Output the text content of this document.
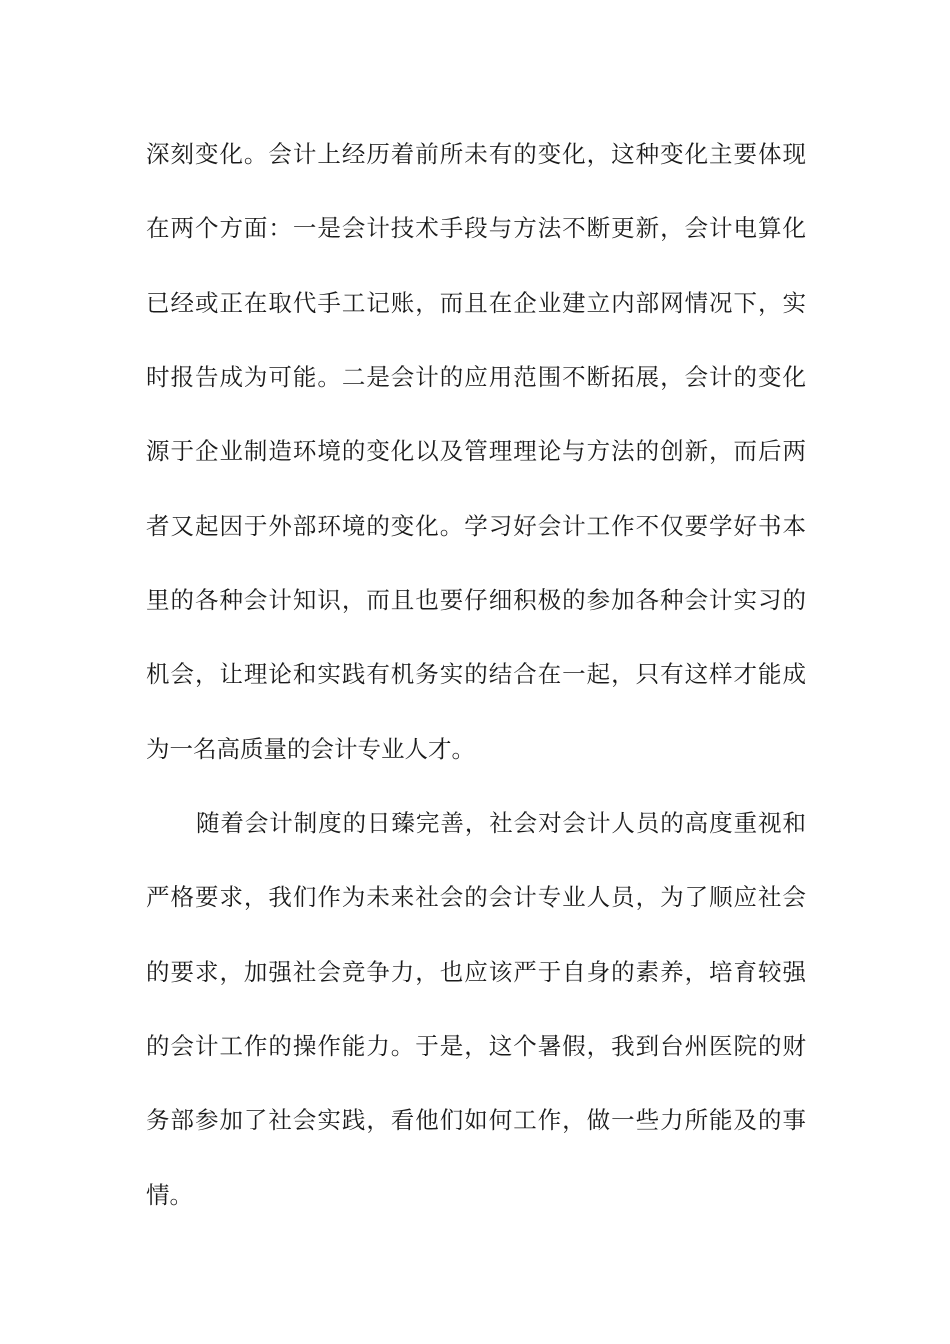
深刻变化。会计上经历着前所未有的变化，这种变化主要体现
在两个方面：一是会计技术手段与方法不断更新，会计电算化
已经或正在取代手工记账，而且在企业建立内部网情况下，实
时报告成为可能。二是会计的应用范围不断拓展，会计的变化
源于企业制造环境的变化以及管理理论与方法的创新，而后两
者又起因于外部环境的变化。学习好会计工作不仅要学好书本
里的各种会计知识，而且也要仔细积极的参加各种会计实习的
机会，让理论和实践有机务实的结合在一起，只有这样才能成
为一名高质量的会计专业人才。
随着会计制度的日臻完善，社会对会计人员的高度重视和
严格要求，我们作为未来社会的会计专业人员，为了顺应社会
的要求，加强社会竞争力，也应该严于自身的素养，培育较强
的会计工作的操作能力。于是，这个暑假，我到台州医院的财
务部参加了社会实践，看他们如何工作，做一些力所能及的事
情。
